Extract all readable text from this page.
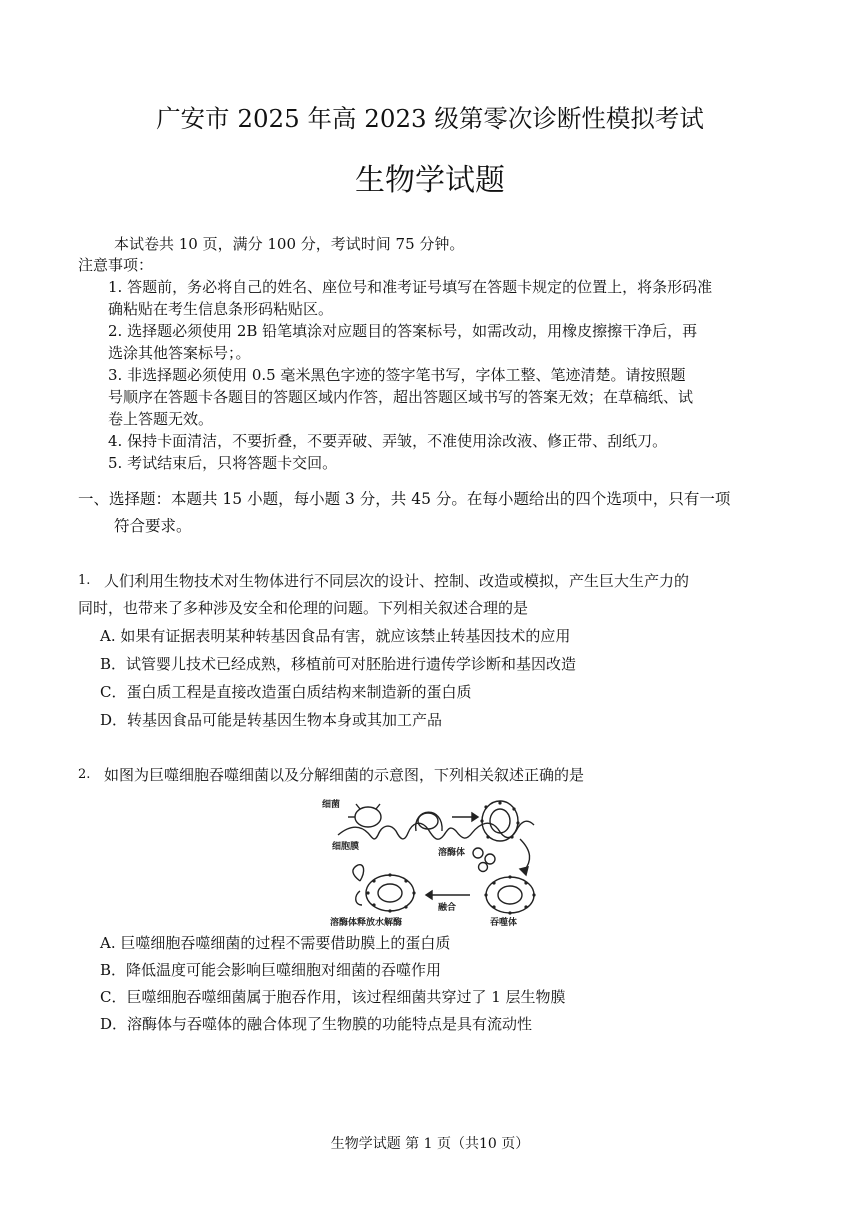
广安市 2025 年高 2023 级第零次诊断性模拟考试
生物学试题
本试卷共 10 页，满分 100 分，考试时间 75 分钟。
注意事项：
1. 答题前，务必将自己的姓名、座位号和准考证号填写在答题卡规定的位置上，将条形码准
确粘贴在考生信息条形码粘贴区。
2. 选择题必须使用 2B 铅笔填涂对应题目的答案标号，如需改动，用橡皮擦擦干净后，再
选涂其他答案标号；。
3. 非选择题必须使用 0.5 毫米黑色字迹的签字笔书写，字体工整、笔迹清楚。请按照题
号顺序在答题卡各题目的答题区域内作答，超出答题区域书写的答案无效；在草稿纸、试
卷上答题无效。
4. 保持卡面清洁，不要折叠，不要弄破、弄皱，不准使用涂改液、修正带、刮纸刀。
5. 考试结束后，只将答题卡交回。
一、选择题：本题共 15 小题，每小题 3 分，共 45 分。在每小题给出的四个选项中，只有一项
符合要求。
1. 人们利用生物技术对生物体进行不同层次的设计、控制、改造或模拟，产生巨大生产力的
同时，也带来了多种涉及安全和伦理的问题。下列相关叙述合理的是
A. 如果有证据表明某种转基因食品有害，就应该禁止转基因技术的应用
B．试管婴儿技术已经成熟，移植前可对胚胎进行遗传学诊断和基因改造
C．蛋白质工程是直接改造蛋白质结构来制造新的蛋白质
D．转基因食品可能是转基因生物本身或其加工产品
2. 如图为巨噬细胞吞噬细菌以及分解细菌的示意图，下列相关叙述正确的是
细菌
细胞膜
溶酶体
融合
吞噬体
溶酶体释放水解酶
A. 巨噬细胞吞噬细菌的过程不需要借助膜上的蛋白质
B．降低温度可能会影响巨噬细胞对细菌的吞噬作用
C．巨噬细胞吞噬细菌属于胞吞作用，该过程细菌共穿过了 1 层生物膜
D．溶酶体与吞噬体的融合体现了生物膜的功能特点是具有流动性
生物学试题 第 1 页（共10 页）
